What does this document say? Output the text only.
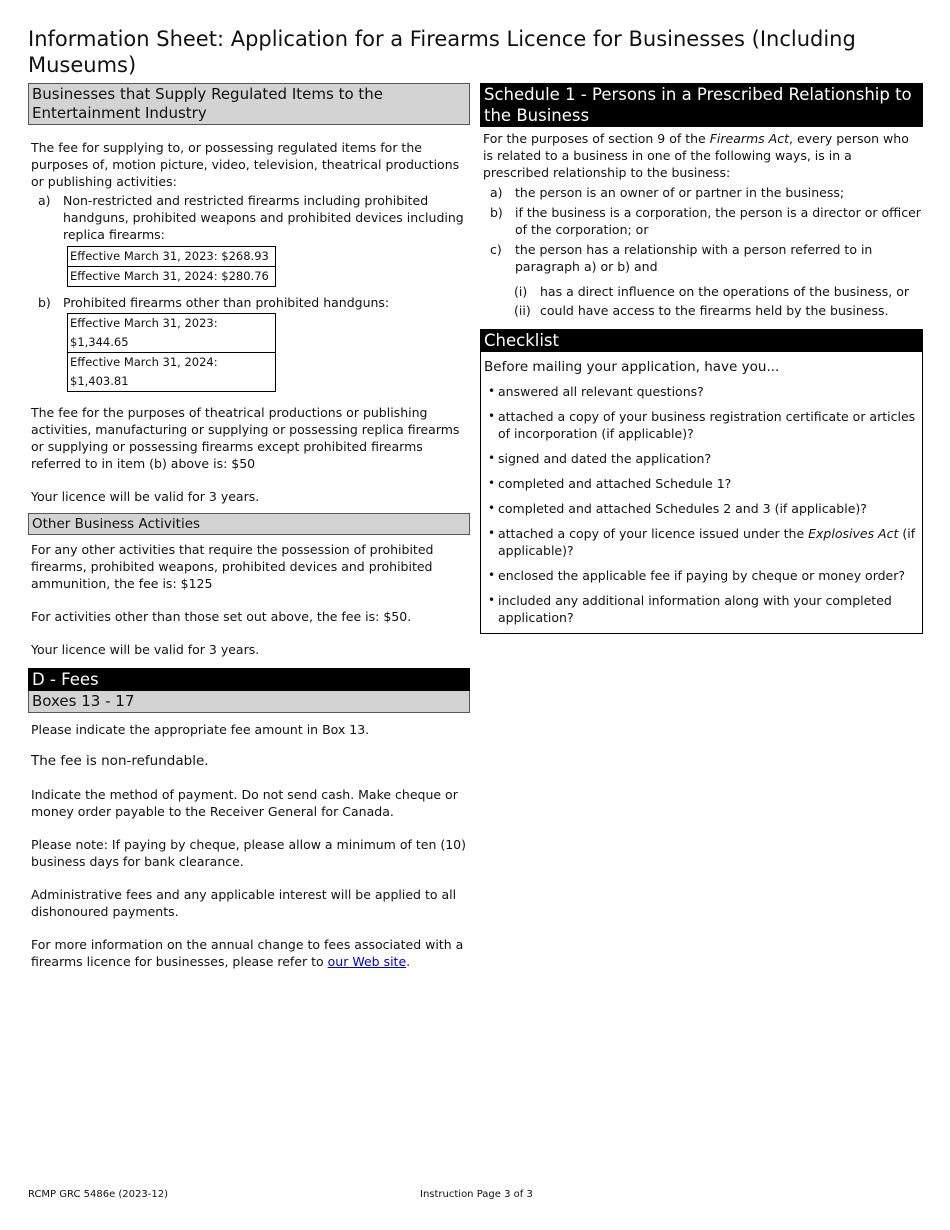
Information Sheet: Application for a Firearms Licence for Businesses (Including Museums)
Businesses that Supply Regulated Items to the Entertainment Industry

The fee for supplying to, or possessing regulated items for the purposes of, motion picture, video, television, theatrical productions or publishing activities:

a) Non-restricted and restricted firearms including prohibited handguns, prohibited weapons and prohibited devices including replica firearms:
Effective March 31, 2023: $268.93
Effective March 31, 2024: $280.76
b) Prohibited firearms other than prohibited handguns:
Effective March 31, 2023: $1,344.65
Effective March 31, 2024: $1,403.81

The fee for the purposes of theatrical productions or publishing activities, manufacturing or supplying or possessing replica firearms or supplying or possessing firearms except prohibited firearms referred to in item (b) above is: $50

Your licence will be valid for 3 years.

Other Business Activities

For any other activities that require the possession of prohibited firearms, prohibited weapons, prohibited devices and prohibited ammunition, the fee is: $125

For activities other than those set out above, the fee is: $50.

Your licence will be valid for 3 years.

D - Fees
Boxes 13 - 17

Please indicate the appropriate fee amount in Box 13.

The fee is non-refundable.

Indicate the method of payment. Do not send cash. Make cheque or money order payable to the Receiver General for Canada.

Please note: If paying by cheque, please allow a minimum of ten (10) business days for bank clearance.

Administrative fees and any applicable interest will be applied to all dishonoured payments.

For more information on the annual change to fees associated with a firearms licence for businesses, please refer to our Web site.

Schedule 1 - Persons in a Prescribed Relationship to the Business

For the purposes of section 9 of the Firearms Act, every person who is related to a business in one of the following ways, is in a prescribed relationship to the business:

a) the person is an owner of or partner in the business;
b) if the business is a corporation, the person is a director or officer of the corporation; or
c)	the person has a relationship with a person referred to in paragraph a) or b) and
(i)	has a direct influence on the operations of the business, or
(ii) could have access to the firearms held by the business.
Checklist

Before mailing your application, have you...

• answered all relevant questions?
• attached a copy of your business registration certificate or articles of incorporation (if applicable)?
• signed and dated the application?
• completed and attached Schedule 1?
• completed and attached Schedules 2 and 3 (if applicable)?
• attached a copy of your licence issued under the Explosives Act (if applicable)?
• enclosed the applicable fee if paying by cheque or money order?
• included any additional information along with your completed application?
RCMP GRC 5486e (2023-12)	Instruction Page 3 of 3
